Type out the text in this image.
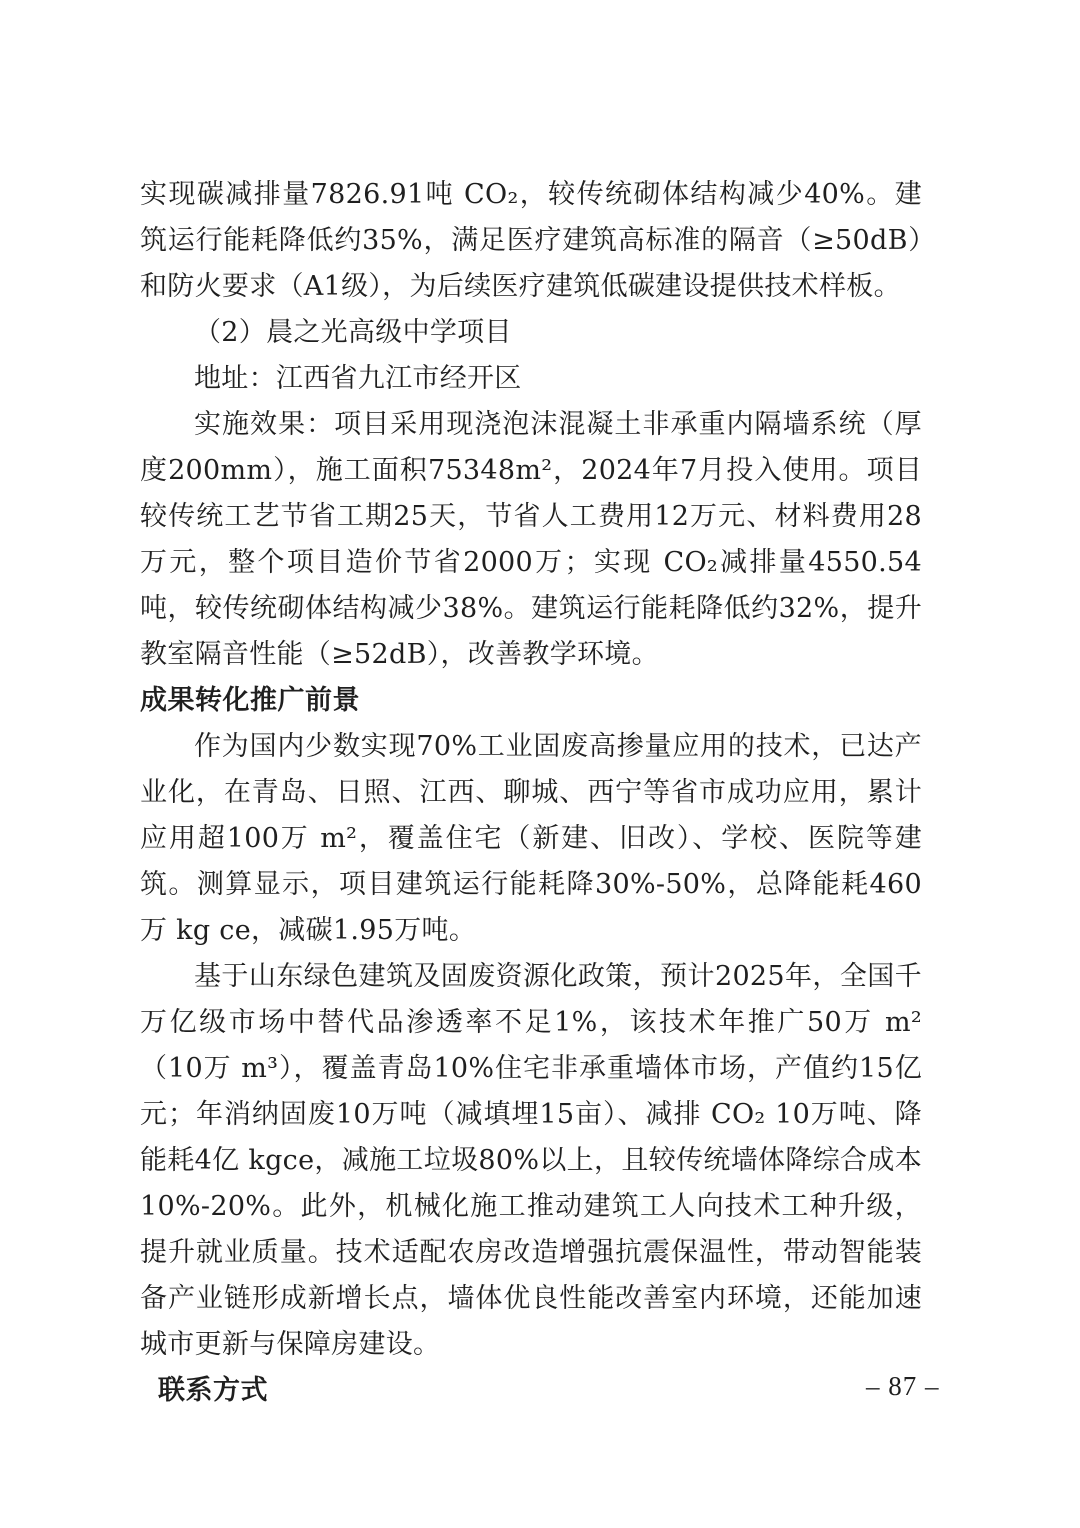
实现碳减排量7826.91吨 CO₂，较传统砌体结构减少40%。建筑运行能耗降低约35%，满足医疗建筑高标准的隔音（≥50dB）和防火要求（A1级），为后续医疗建筑低碳建设提供技术样板。

（2）晨之光高级中学项目

地址：江西省九江市经开区

实施效果：项目采用现浇泡沫混凝土非承重内隔墙系统（厚度200mm），施工面积75348m²，2024年7月投入使用。项目较传统工艺节省工期25天，节省人工费用12万元、材料费用28万元，整个项目造价节省2000万；实现 CO₂减排量4550.54吨，较传统砌体结构减少38%。建筑运行能耗降低约32%，提升教室隔音性能（≥52dB），改善教学环境。

成果转化推广前景

作为国内少数实现70%工业固废高掺量应用的技术，已达产业化，在青岛、日照、江西、聊城、西宁等省市成功应用，累计应用超100万 m²，覆盖住宅（新建、旧改）、学校、医院等建筑。测算显示，项目建筑运行能耗降30%-50%，总降能耗460万 kg ce，减碳1.95万吨。

基于山东绿色建筑及固废资源化政策，预计2025年，全国千万亿级市场中替代品渗透率不足1%，该技术年推广50万 m²（10万 m³），覆盖青岛10%住宅非承重墙体市场，产值约15亿元；年消纳固废10万吨（减填埋15亩）、减排 CO₂ 10万吨、降能耗4亿 kgce，减施工垃圾80%以上，且较传统墙体降综合成本10%-20%。此外，机械化施工推动建筑工人向技术工种升级，提升就业质量。技术适配农房改造增强抗震保温性，带动智能装备产业链形成新增长点，墙体优良性能改善室内环境，还能加速城市更新与保障房建设。

联系方式	– 87 –
